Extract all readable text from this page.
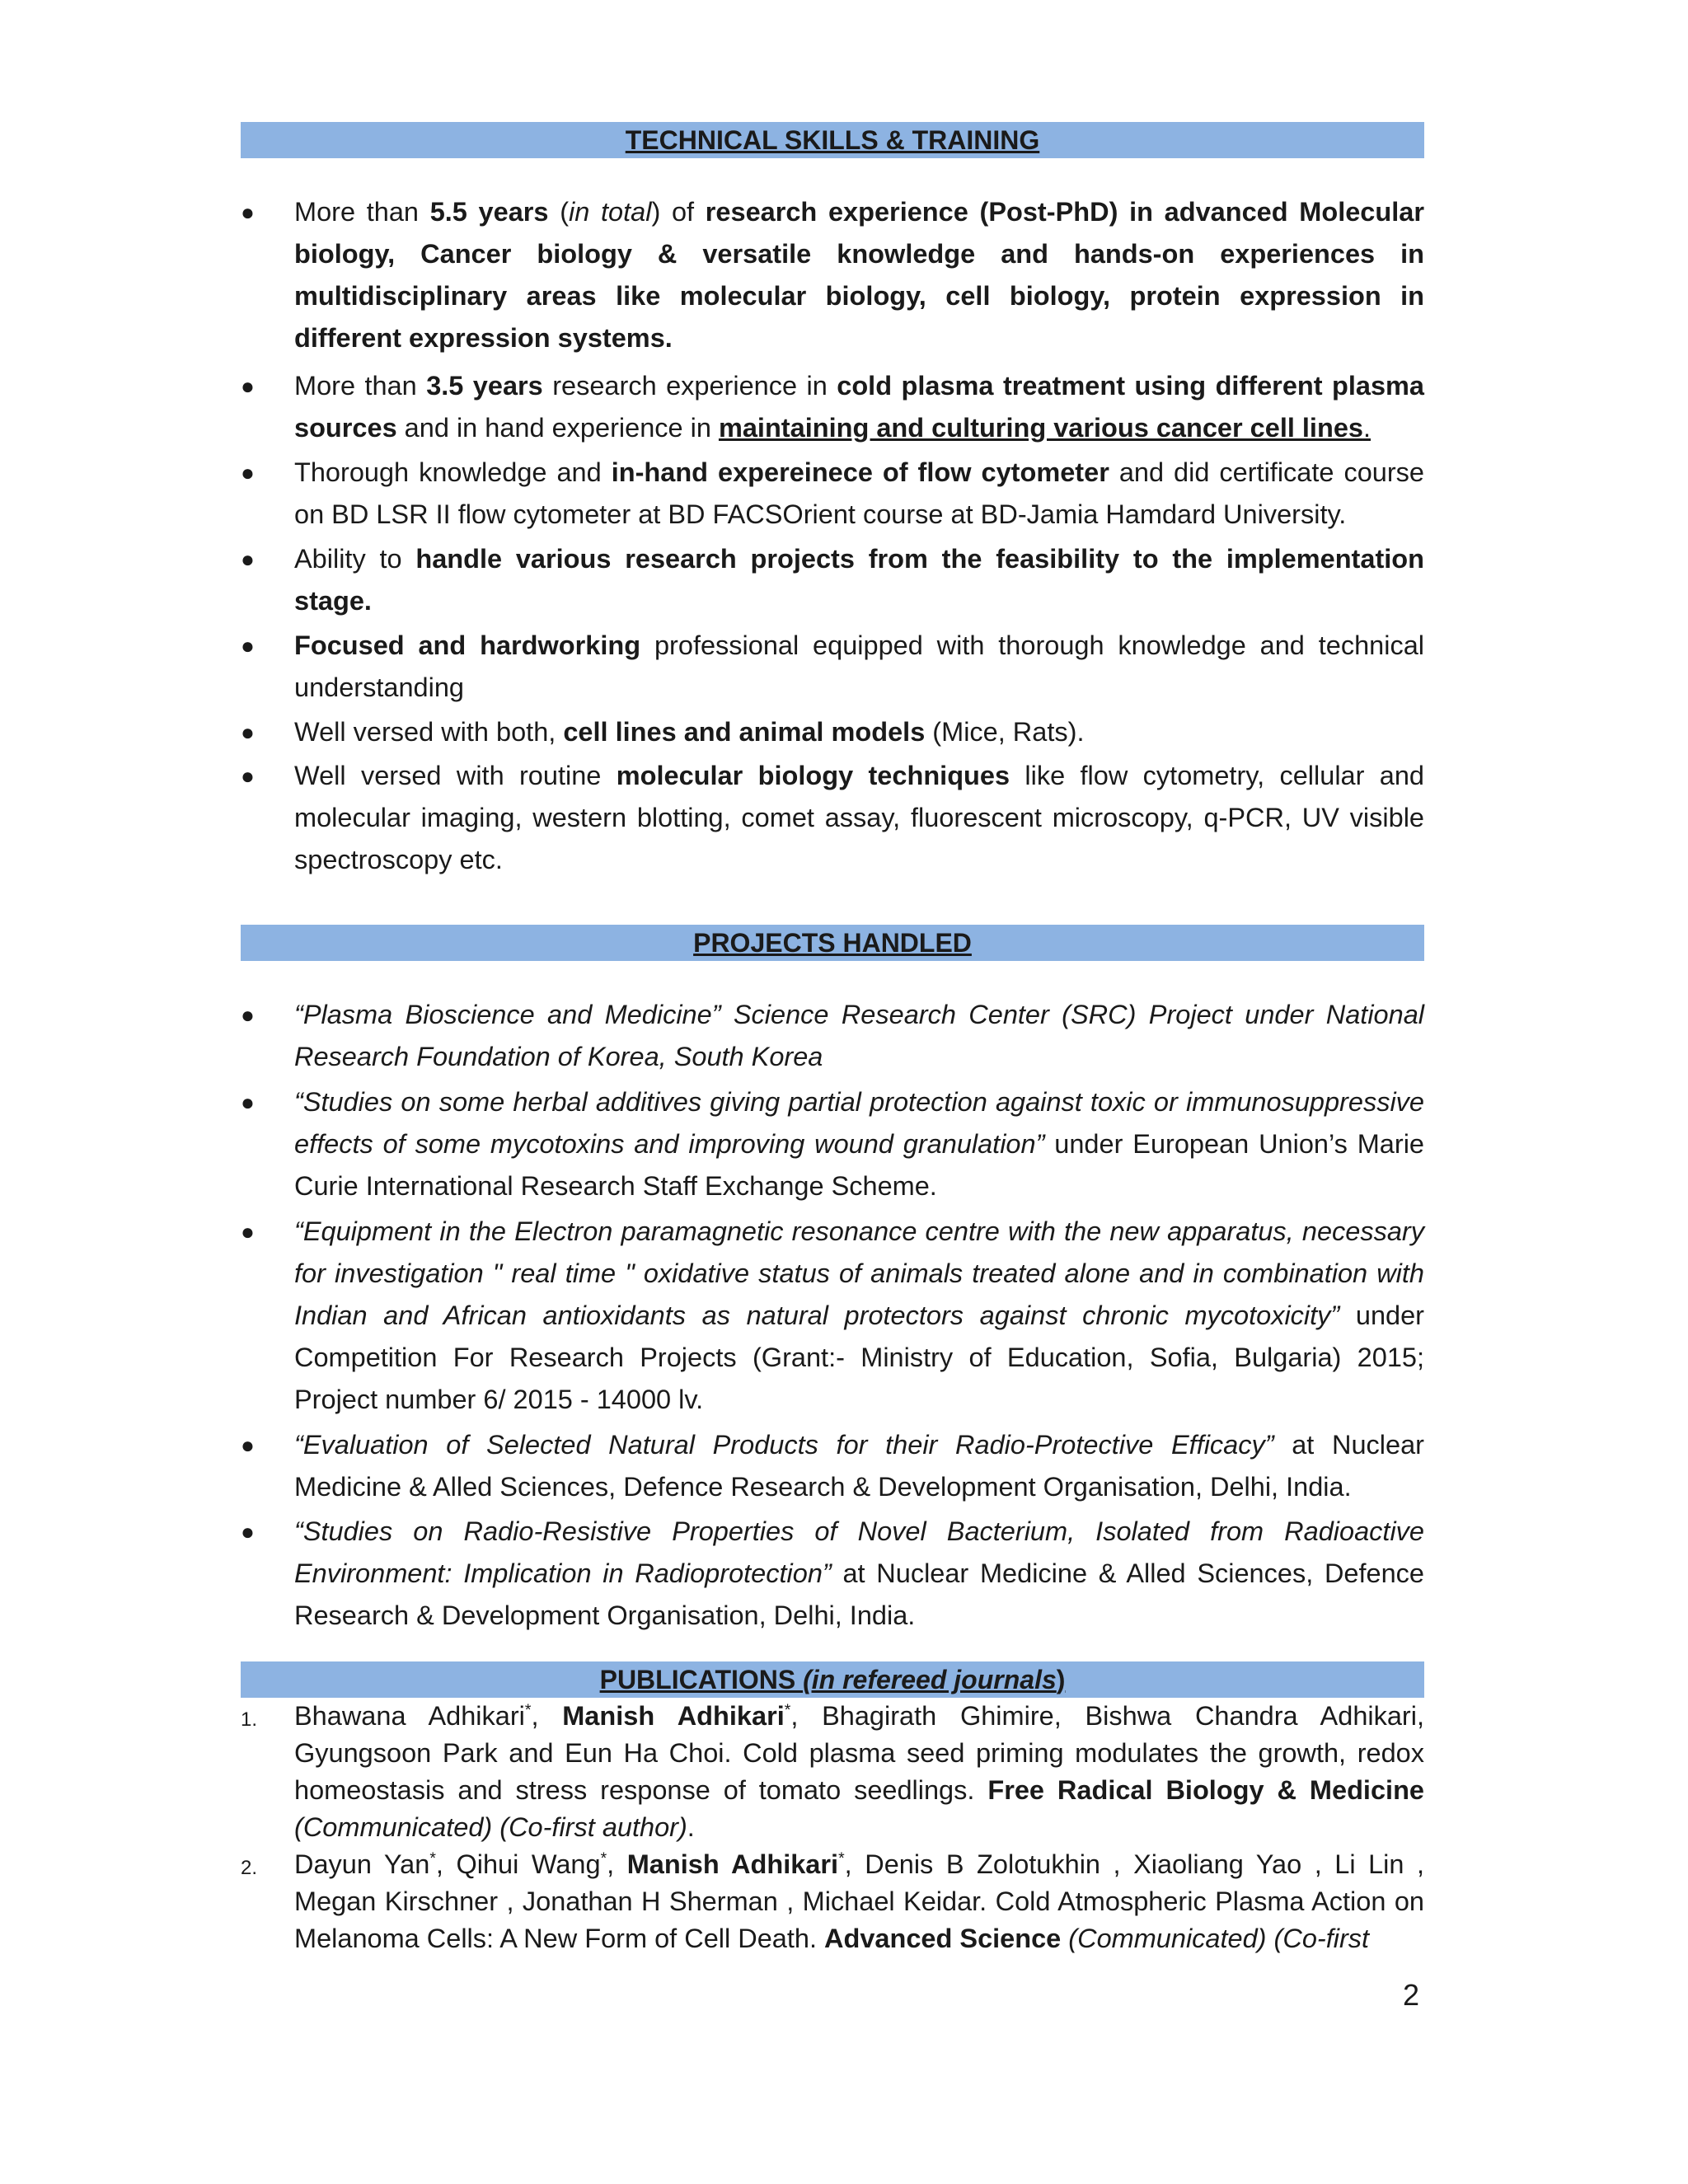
TECHNICAL SKILLS & TRAINING
●	More than 5.5 years (in total) of research experience (Post-PhD) in advanced Molecular biology, Cancer biology & versatile knowledge and hands-on experiences in multidisciplinary areas like molecular biology, cell biology, protein expression in different expression systems.
●	More than 3.5 years research experience in cold plasma treatment using different plasma sources and in hand experience in maintaining and culturing various cancer cell lines.
●	Thorough knowledge and in-hand expereinece of flow cytometer and did certificate course on BD LSR II flow cytometer at BD FACSOrient course at BD-Jamia Hamdard University.
●	Ability to handle various research projects from the feasibility to the implementation stage.
●	Focused and hardworking professional equipped with thorough knowledge and technical understanding
●	Well versed with both, cell lines and animal models (Mice, Rats).
●	Well versed with routine molecular biology techniques like flow cytometry, cellular and molecular imaging, western blotting, comet assay, fluorescent microscopy, q-PCR, UV visible spectroscopy etc.
PROJECTS HANDLED
●	“Plasma Bioscience and Medicine” Science Research Center (SRC) Project under National Research Foundation of Korea, South Korea
●	“Studies on some herbal additives giving partial protection against toxic or immunosuppressive effects of some mycotoxins and improving wound granulation” under European Union’s Marie Curie International Research Staff Exchange Scheme.
●	“Equipment in the Electron paramagnetic resonance centre with the new apparatus, necessary for investigation " real time " oxidative status of animals treated alone and in combination with Indian and African antioxidants as natural protectors against chronic mycotoxicity” under Competition For Research Projects (Grant:- Ministry of Education, Sofia, Bulgaria) 2015; Project number 6/ 2015 - 14000 lv.
●	“Evaluation of Selected Natural Products for their Radio-Protective Efficacy” at Nuclear Medicine & Alled Sciences, Defence Research & Development Organisation, Delhi, India.
●	“Studies on Radio-Resistive Properties of Novel Bacterium, Isolated from Radioactive Environment: Implication in Radioprotection” at Nuclear Medicine & Alled Sciences, Defence Research & Development Organisation, Delhi, India.
PUBLICATIONS (in refereed journals)
1. Bhawana Adhikari*, Manish Adhikari*, Bhagirath Ghimire, Bishwa Chandra Adhikari, Gyungsoon Park and Eun Ha Choi. Cold plasma seed priming modulates the growth, redox homeostasis and stress response of tomato seedlings. Free Radical Biology & Medicine (Communicated) (Co-first author).
2. Dayun Yan*, Qihui Wang*, Manish Adhikari*, Denis B Zolotukhin , Xiaoliang Yao , Li Lin , Megan Kirschner , Jonathan H Sherman , Michael Keidar. Cold Atmospheric Plasma Action on Melanoma Cells: A New Form of Cell Death. Advanced Science (Communicated) (Co-first
2
